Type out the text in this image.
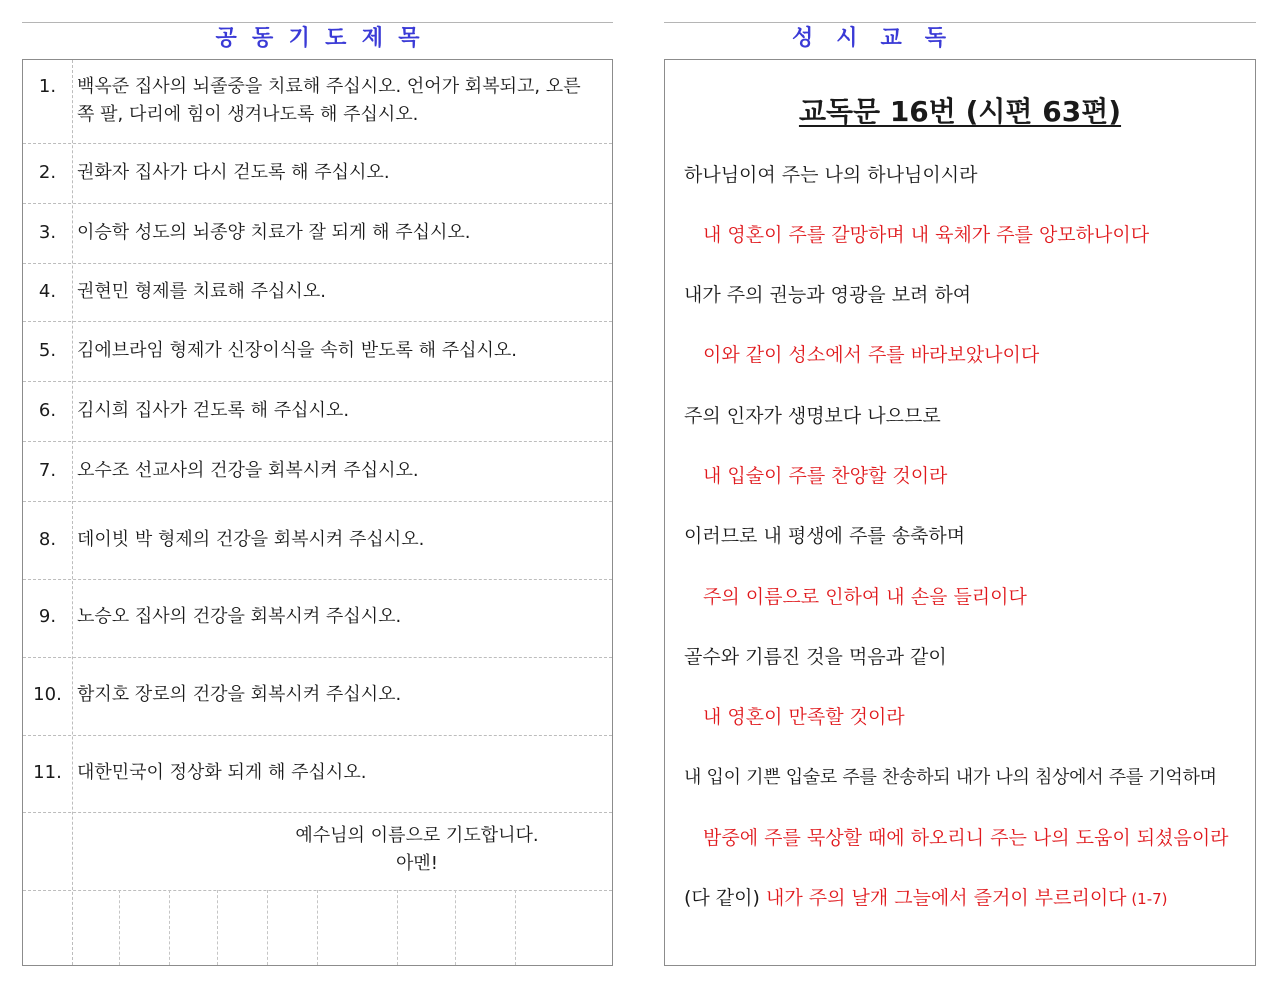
공  동  기  도  제  목
1.	백옥준 집사의 뇌졸중을 치료해 주십시오. 언어가 회복되고, 오른쪽 팔, 다리에 힘이 생겨나도록 해 주십시오.
2.	권화자 집사가 다시 걷도록 해 주십시오.
3.	이승학 성도의 뇌종양 치료가 잘 되게 해 주십시오.
4.	권현민 형제를 치료해 주십시오.
5.	김에브라임 형제가 신장이식을 속히 받도록 해 주십시오.
6.	김시희 집사가 걷도록 해 주십시오.
7.	오수조 선교사의 건강을 회복시켜 주십시오.
8.	데이빗 박 형제의 건강을 회복시켜 주십시오.
9.	노승오 집사의 건강을 회복시켜 주십시오.
10. 함지호 장로의 건강을 회복시켜 주십시오.
11. 대한민국이 정상화 되게 해 주십시오.
예수님의 이름으로 기도합니다.
아멘!
성   시   교   독
교독문 16번 (시편 63편)
하나님이여 주는 나의 하나님이시라
내 영혼이 주를 갈망하며 내 육체가 주를 앙모하나이다
내가 주의 권능과 영광을 보려 하여
이와 같이 성소에서 주를 바라보았나이다
주의 인자가 생명보다 나으므로
내 입술이 주를 찬양할 것이라
이러므로 내 평생에 주를 송축하며
주의 이름으로 인하여 내 손을 들리이다
골수와 기름진 것을 먹음과 같이
내 영혼이 만족할 것이라
내 입이 기쁜 입술로 주를 찬송하되 내가 나의 침상에서 주를 기억하며
밤중에 주를 묵상할 때에 하오리니 주는 나의 도움이 되셨음이라
(다 같이) 내가 주의 날개 그늘에서 즐거이 부르리이다 (1-7)
